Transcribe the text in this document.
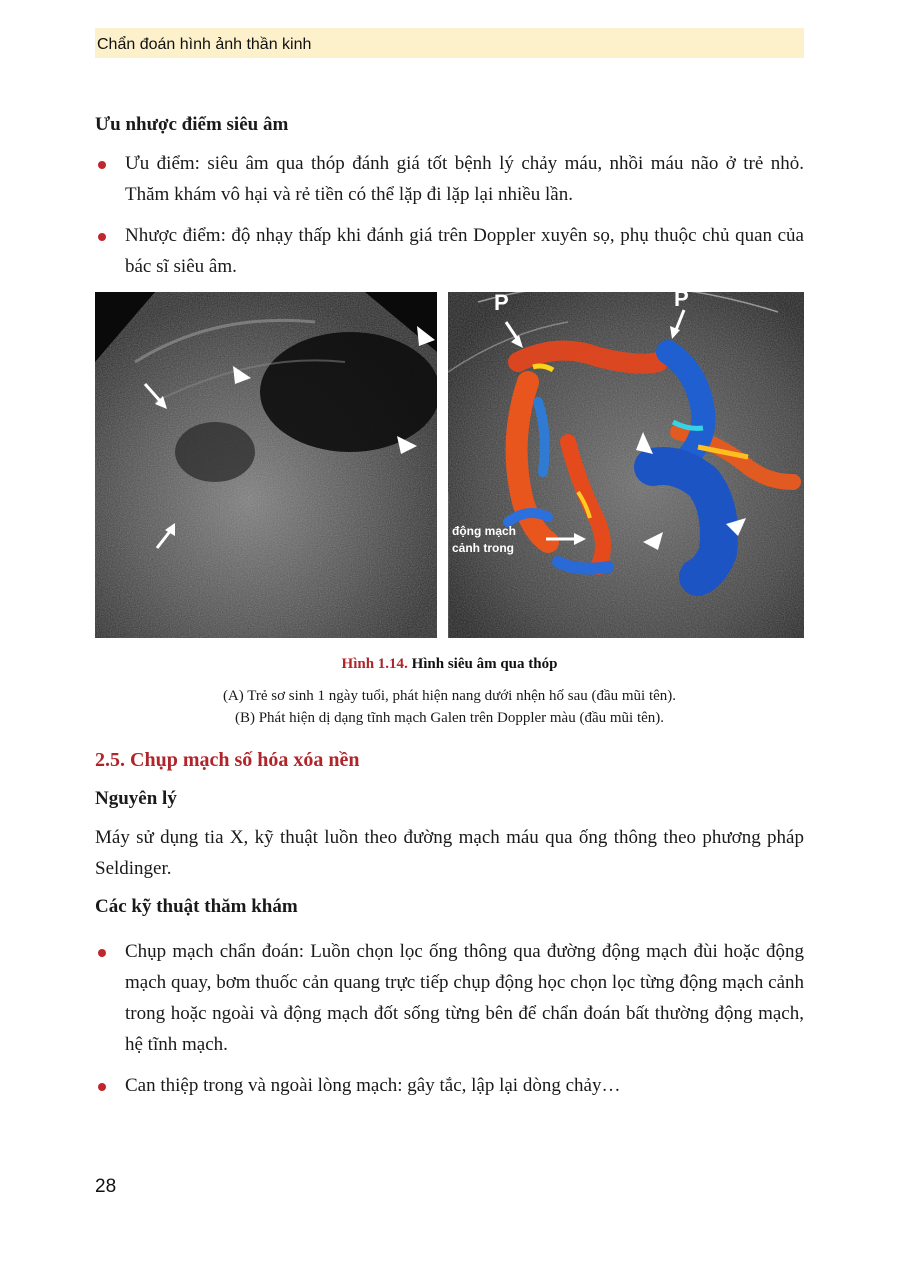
Chẩn đoán hình ảnh thần kinh
Ưu nhược điểm siêu âm
Ưu điểm: siêu âm qua thóp đánh giá tốt bệnh lý chảy máu, nhồi máu não ở trẻ nhỏ. Thăm khám vô hại và rẻ tiền có thể lặp đi lặp lại nhiều lần.
Nhược điểm: độ nhạy thấp khi đánh giá trên Doppler xuyên sọ, phụ thuộc chủ quan của bác sĩ siêu âm.
P	P
động mạch
cảnh trong
Hình 1.14. Hình siêu âm qua thóp
(A) Trẻ sơ sinh 1 ngày tuổi, phát hiện nang dưới nhện hố sau (đầu mũi tên).
(B) Phát hiện dị dạng tĩnh mạch Galen trên Doppler màu (đầu mũi tên).
2.5. Chụp mạch số hóa xóa nền
Nguyên lý
Máy sử dụng tia X, kỹ thuật luồn theo đường mạch máu qua ống thông theo phương pháp Seldinger.
Các kỹ thuật thăm khám
Chụp mạch chẩn đoán: Luồn chọn lọc ống thông qua đường động mạch đùi hoặc động mạch quay, bơm thuốc cản quang trực tiếp chụp động học chọn lọc từng động mạch cảnh trong hoặc ngoài và động mạch đốt sống từng bên để chẩn đoán bất thường động mạch, hệ tĩnh mạch.
Can thiệp trong và ngoài lòng mạch: gây tắc, lập lại dòng chảy…
28
